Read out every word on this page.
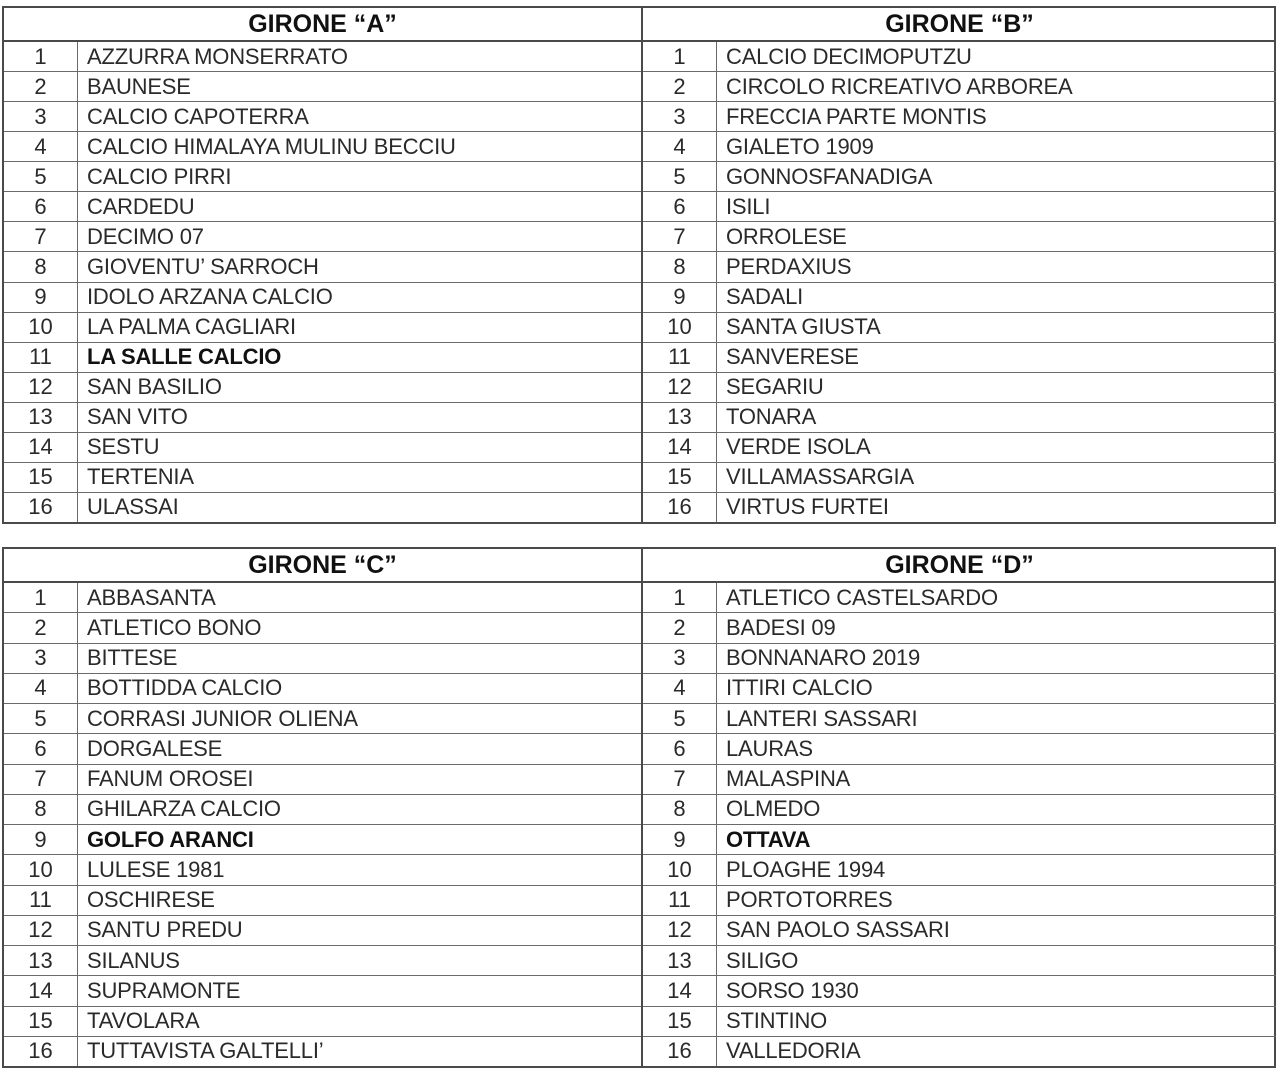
GIRONE “A”
1	AZZURRA MONSERRATO
2	BAUNESE
3	CALCIO CAPOTERRA
4	CALCIO HIMALAYA MULINU BECCIU
5	CALCIO PIRRI
6	CARDEDU
7	DECIMO 07
8	GIOVENTU’ SARROCH
9	IDOLO ARZANA CALCIO
10	LA PALMA CAGLIARI
11	LA SALLE CALCIO
12	SAN BASILIO
13	SAN VITO
14	SESTU
15	TERTENIA
16	ULASSAI
GIRONE “B”
1	CALCIO DECIMOPUTZU
2	CIRCOLO RICREATIVO ARBOREA
3	FRECCIA PARTE MONTIS
4	GIALETO 1909
5	GONNOSFANADIGA
6	ISILI
7	ORROLESE
8	PERDAXIUS
9	SADALI
10	SANTA GIUSTA
11	SANVERESE
12	SEGARIU
13	TONARA
14	VERDE ISOLA
15	VILLAMASSARGIA
16	VIRTUS FURTEI
GIRONE “C”
1	ABBASANTA
2	ATLETICO BONO
3	BITTESE
4	BOTTIDDA CALCIO
5	CORRASI JUNIOR OLIENA
6	DORGALESE
7	FANUM OROSEI
8	GHILARZA CALCIO
9	GOLFO ARANCI
10	LULESE 1981
11	OSCHIRESE
12	SANTU PREDU
13	SILANUS
14	SUPRAMONTE
15	TAVOLARA
16	TUTTAVISTA GALTELLI’
GIRONE “D”
1	ATLETICO CASTELSARDO
2	BADESI 09
3	BONNANARO 2019
4	ITTIRI CALCIO
5	LANTERI SASSARI
6	LAURAS
7	MALASPINA
8	OLMEDO
9	OTTAVA
10	PLOAGHE 1994
11	PORTOTORRES
12	SAN PAOLO SASSARI
13	SILIGO
14	SORSO 1930
15	STINTINO
16	VALLEDORIA
